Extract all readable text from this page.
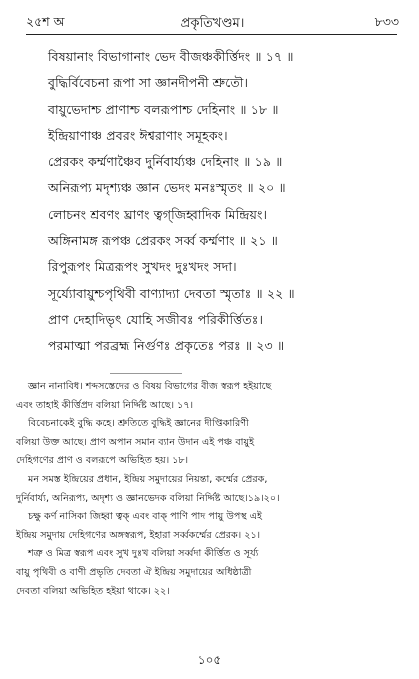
২৫শ অ	প্রকৃতিখণ্ডম।	৮৩৩
বিষয়ানাং বিভাগানাং ভেদ বীজঞ্চকীর্ত্তিদং ॥ ১৭ ॥
বুদ্ধির্বিবেচনা রূপা সা জ্ঞানদীপনী শ্রুতৌ।
বায়ুভেদাশ্চ প্রাণাশ্চ বলরূপাশ্চ দেহিনাং ॥ ১৮ ॥
ইন্দ্রিয়াণাঞ্চ প্রবরং ঈশ্বরাণাং সমূহকং।
প্রেরকং কর্ম্মণাঞ্চৈব দুর্নিবার্য্যঞ্চ দেহিনাং ॥ ১৯ ॥
অনিরূপ্য মদৃশ্যঞ্চ জ্ঞান ভেদং মনঃস্মৃতং ॥ ২০ ॥
লোচনং শ্রবণং ঘ্রাণং ত্বগ্‌জিহ্বাদিক মিন্দ্রিয়ং।
অঙ্গিনামঙ্গ রূপঞ্চ প্রেরকং সর্ব্ব কর্ম্মণাং ॥ ২১ ॥
রিপুরূপং মিত্ররূপং সুখদং দুঃখদং সদা।
সূর্য্যোবায়ুশ্চপৃথিবী বাণ্যাদ্যা দেবতা স্মৃতাঃ ॥ ২২ ॥
প্রাণ দেহাদিভৃৎ যোহি সজীবঃ পরিকীর্ত্তিতঃ।
পরমাত্মা পরব্রহ্ম নির্গুণঃ প্রকৃতেঃ পরঃ ॥ ২৩ ॥
জ্ঞান নানাবিধ। শব্দসস্তেদের ও বিষয় বিভাগের বীজ স্বরূপ হইয়াছে
এবং তাহাই কীর্ত্তিপ্রদ বলিয়া নির্দ্দিষ্ট আছে। ১৭।
বিবেচনাকেই বুদ্ধি কহে। শ্রুতিতে বুদ্ধিই জ্ঞানের দীপ্তিকারিণী
বলিয়া উক্ত আছে। প্রাণ অপান সমান ব্যান উদান এই পঞ্চ বায়ুই
দেহিগণের প্রাণ ও বলরূপে অভিহিত হয়। ১৮।
মন সমস্ত ইন্দ্রিয়ের প্রধান, ইন্দ্রিয় সমুদায়ের নিয়ন্তা, কর্ম্মের প্রেরক,
দুর্নিবার্য্য, অনিরূপ্য, অদৃশ্য ও জ্ঞানভেদক বলিয়া নির্দ্দিষ্ট আছে।১৯।২০।
চক্ষু কর্ণ নাসিকা জিহ্বা ত্বক্ এবং বাক্ পাণি পাদ পায়ু উপস্থ এই
ইন্দ্রিয় সমুদায় দেহিগণের অঙ্গস্বরূপ, ইহারা সর্ব্বকর্ম্মের প্রেরক। ২১।
শত্রু ও মিত্র স্বরূপ এবং সুখ দুঃখ বলিয়া সর্ব্বদা কীর্ত্তিত ও সূর্য্য
বায়ু পৃথিবী ও বাণী প্রভৃতি দেবতা ঐ ইন্দ্রিয় সমুদায়ের অধিষ্ঠাত্রী
দেবতা বলিয়া অভিহিত হইয়া থাকে। ২২।
১০৫
